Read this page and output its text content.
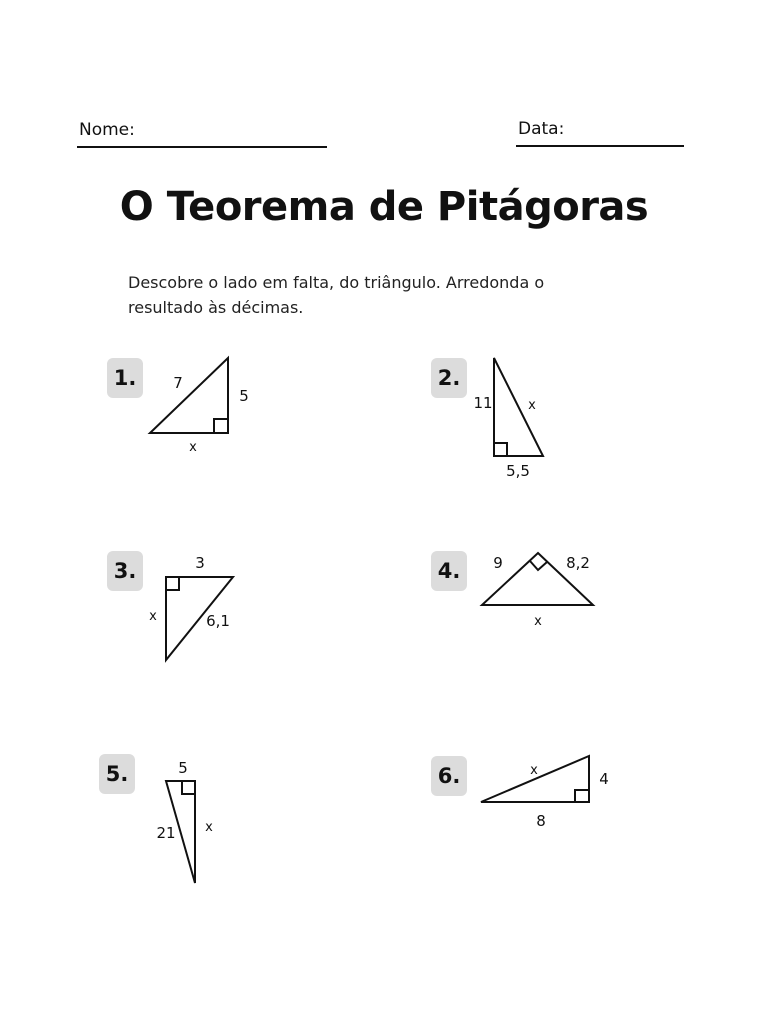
Nome:	Data:
O Teorema de Pitágoras
Descobre o lado em falta, do triângulo. Arredonda o resultado às décimas.
1.	2.
3.	4.
5.	6.
7
5
x
11	x
5,5
3
x	6,1
9	8,2
x
5
21 x
x	4
8
